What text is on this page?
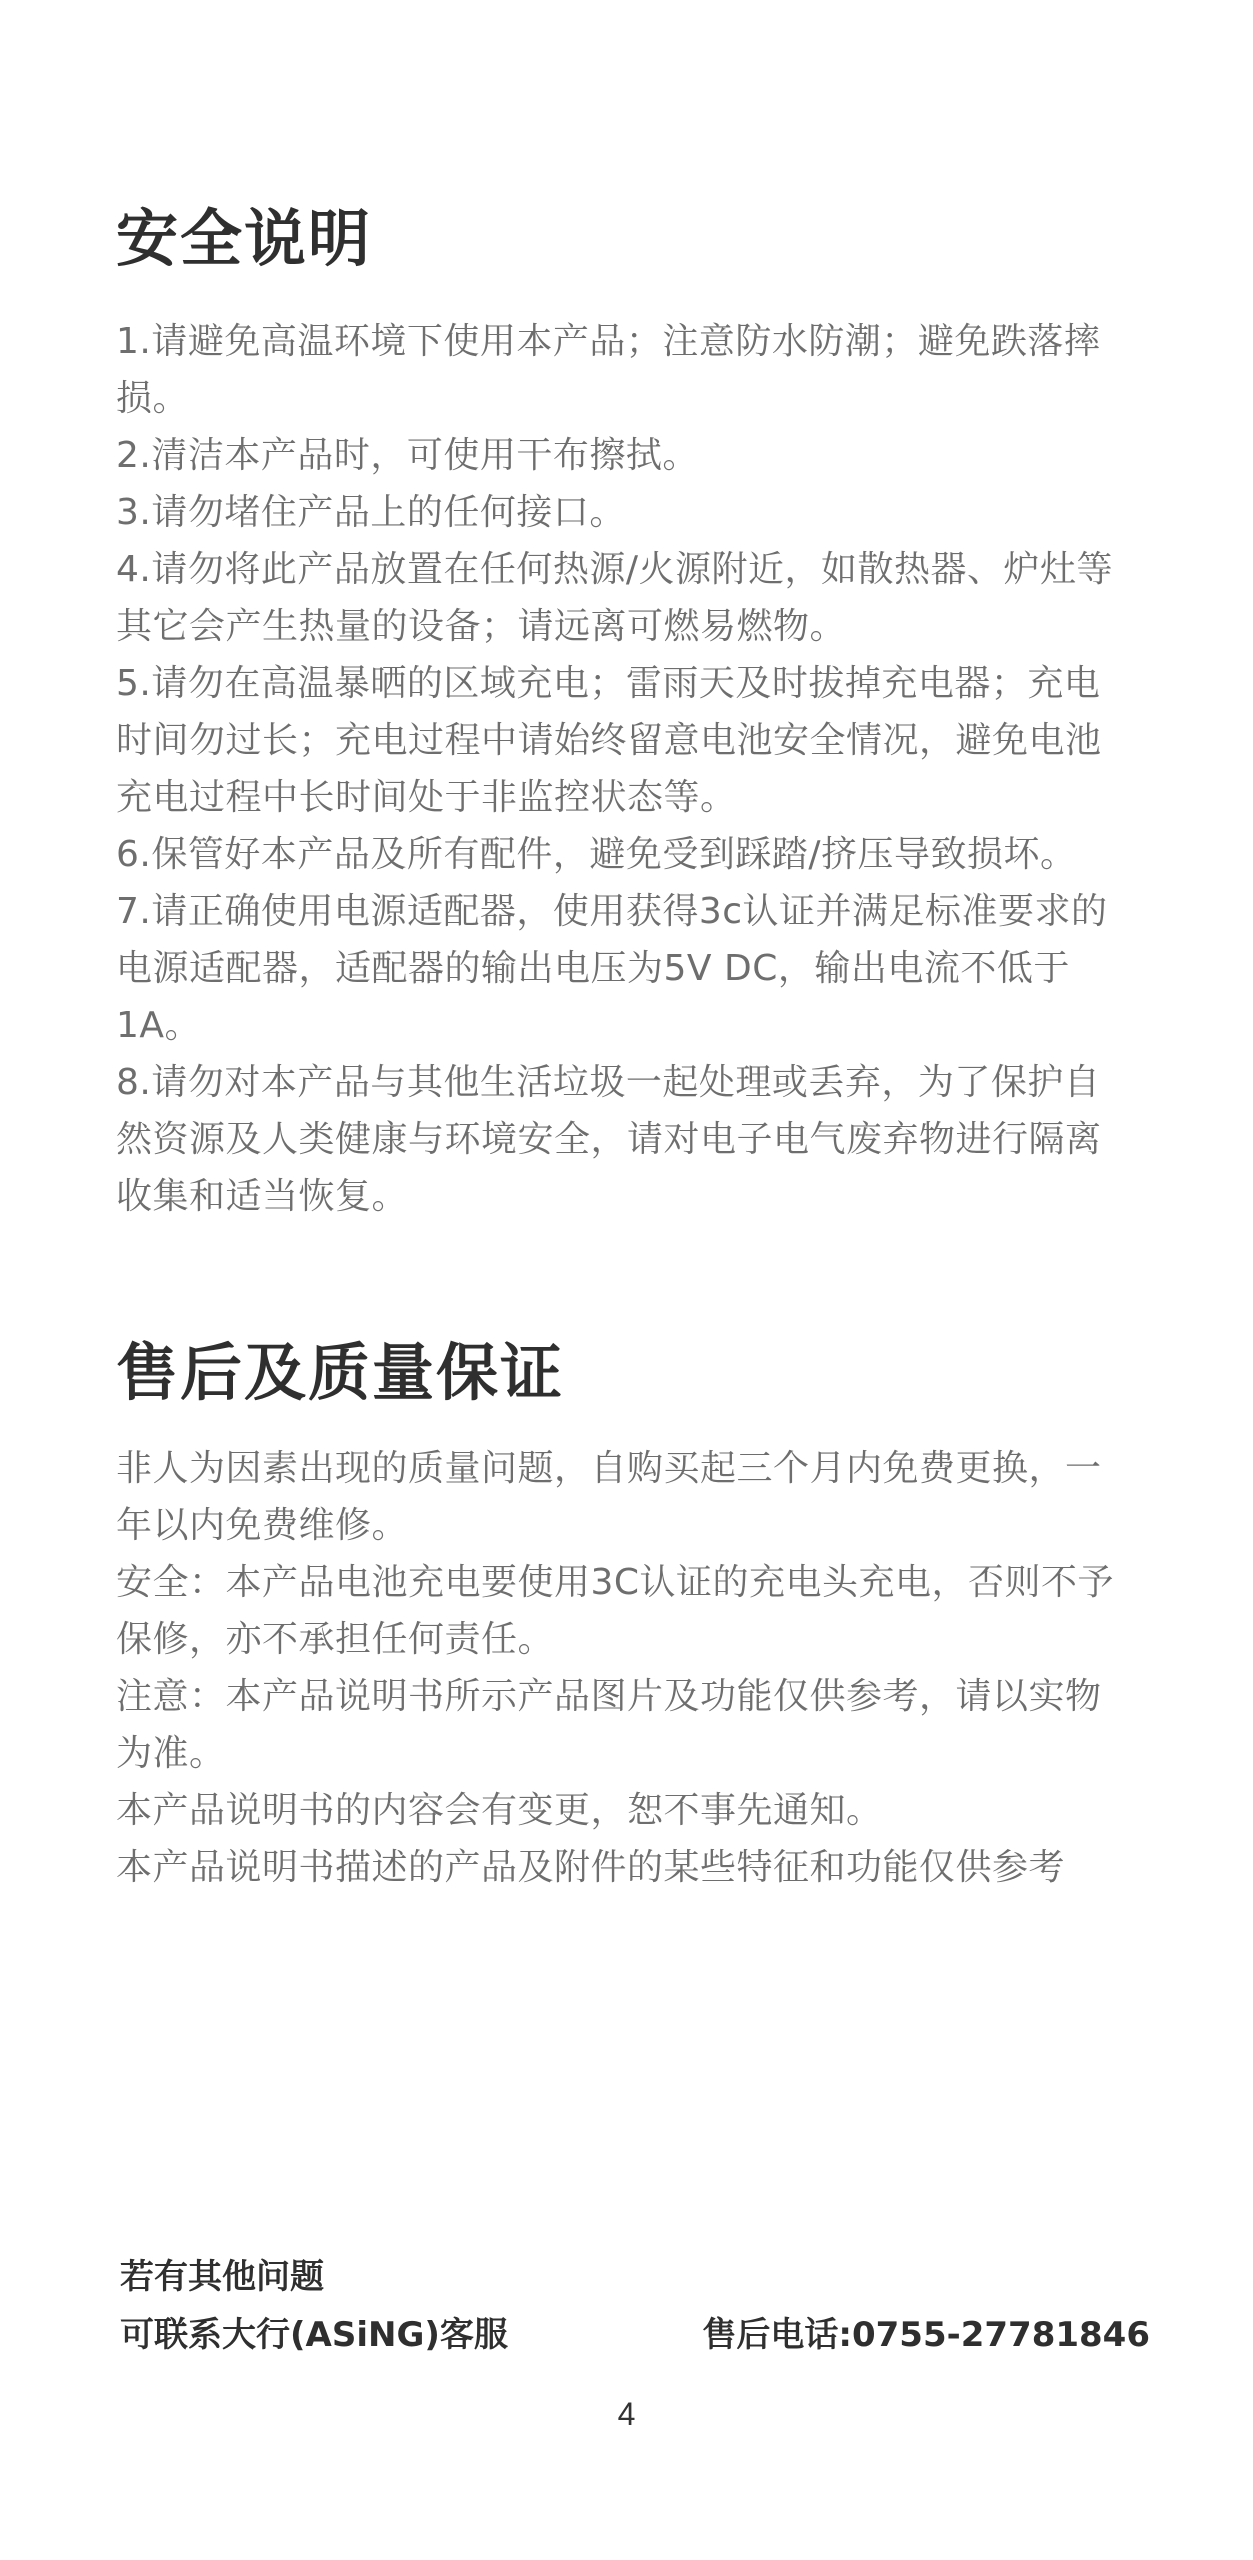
安全说明
1.请避免高温环境下使用本产品；注意防水防潮；避免跌落摔损。
2.清洁本产品时，可使用干布擦拭。
3.请勿堵住产品上的任何接口。
4.请勿将此产品放置在任何热源/火源附近，如散热器、炉灶等其它会产生热量的设备；请远离可燃易燃物。
5.请勿在高温暴晒的区域充电；雷雨天及时拔掉充电器；充电时间勿过长；充电过程中请始终留意电池安全情况，避免电池充电过程中长时间处于非监控状态等。
6.保管好本产品及所有配件，避免受到踩踏/挤压导致损坏。
7.请正确使用电源适配器，使用获得3c认证并满足标准要求的电源适配器，适配器的输出电压为5V DC，输出电流不低于1A。
8.请勿对本产品与其他生活垃圾一起处理或丢弃，为了保护自然资源及人类健康与环境安全，请对电子电气废弃物进行隔离收集和适当恢复。
售后及质量保证

非人为因素出现的质量问题，自购买起三个月内免费更换，一年以内免费维修。

安全：本产品电池充电要使用3C认证的充电头充电，否则不予保修，亦不承担任何责任。

注意：本产品说明书所示产品图片及功能仅供参考，请以实物为准。

本产品说明书的内容会有变更，恕不事先通知。

本产品说明书描述的产品及附件的某些特征和功能仅供参考

若有其他问题
可联系大行(ASiNG)客服	售后电话:0755-27781846
4
